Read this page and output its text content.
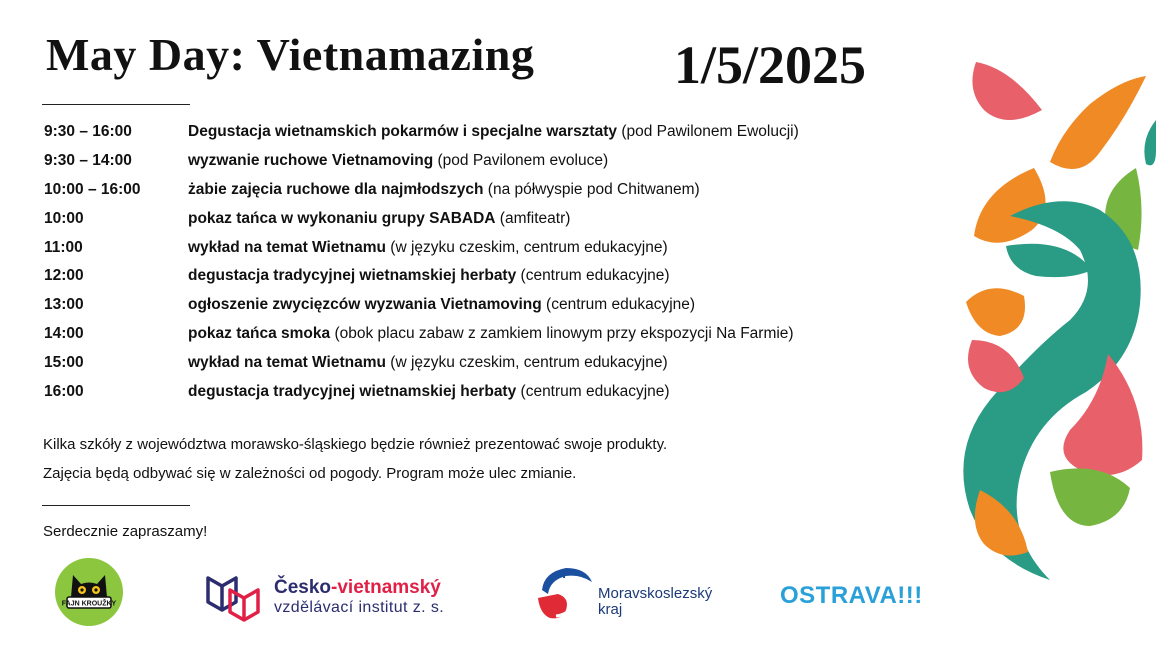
May Day: Vietnamazing	1/5/2025
9:30 – 16:00	Degustacja wietnamskich pokarmów i specjalne warsztaty (pod Pawilonem Ewolucji)
9:30 – 14:00	wyzwanie ruchowe Vietnamoving (pod Pavilonem evoluce)
10:00 – 16:00	żabie zajęcia ruchowe dla najmłodszych (na półwyspie pod Chitwanem)
10:00	pokaz tańca w wykonaniu grupy SABADA (amfiteatr)
11:00	wykład na temat Wietnamu (w języku czeskim, centrum edukacyjne)
12:00	degustacja tradycyjnej wietnamskiej herbaty (centrum edukacyjne)
13:00	ogłoszenie zwycięzców wyzwania Vietnamoving (centrum edukacyjne)
14:00	pokaz tańca smoka (obok placu zabaw z zamkiem linowym przy ekspozycji Na Farmie)
15:00	wykład na temat Wietnamu (w języku czeskim, centrum edukacyjne)
16:00	degustacja tradycyjnej wietnamskiej herbaty (centrum edukacyjne)
Kilka szkóły z województwa morawsko-śląskiego będzie również prezentować swoje produkty.
Zajęcia będą odbywać się w zależności od pogody. Program może ulec zmianie.
Serdecznie zapraszamy!
FAJN KROUŽKY
Česko-vietnamský
vzdělávací institut z. s.
Moravskoslezský
kraj
OSTRAVA!!!
